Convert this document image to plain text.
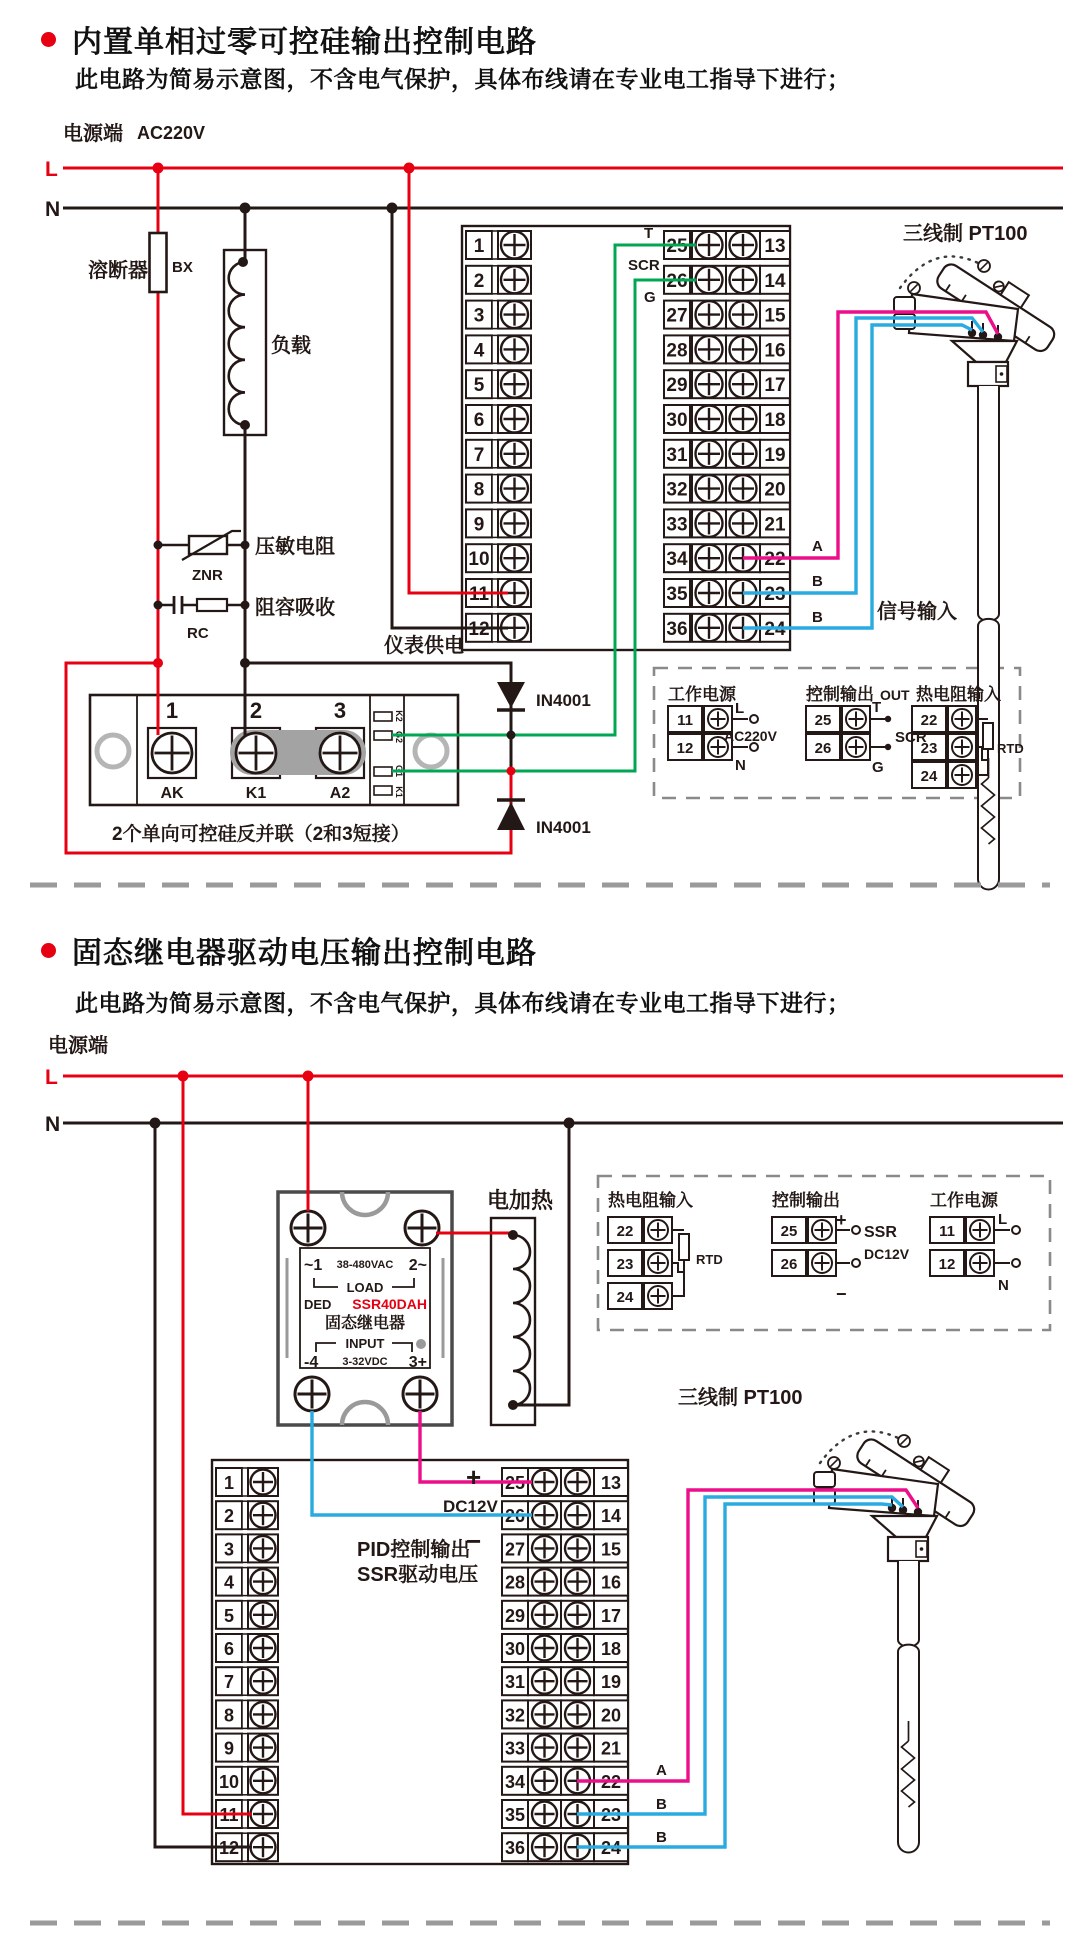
1	25	13
2	26	14
3	27	15
4	28	16
5	29	17
6	30	18
7	31	19
8	32	20
9	33	21
10	34	22
11	35	23
12	36	24
1	25	13
2	26	14
3	27	15
4	28	16
5	29	17
6	30	18
7	31	19
8	32	20
9	33	21
10	34	22
11	35	23
12	36	24
11
12
25
26
22
23
24
22
23
24
25
26
11
12
K2
G2
G1
K1
~1 38-480VAC 2~
LOAD
DED SSR40DAH
固态继电器
INPUT
-4 3-32VDC 3+
电源端 AC220V
L
N
溶断器 BX
负载
压敏电阻
ZNR
阻容吸收
RC
仪表供电
T
SCR
G
IN4001
IN4001
1	2	3
AK	K1	A2
2个单向可控硅反并联（2和3短接）
A
B
B	信号输入
三线制 PT100
工作电源	控制输出 OUT 热电阻输入
L
AC220V
N
T
SCR
G
RTD
电源端
L
N
电加热
+
DC12V
−
PID控制输出
SSR驱动电压
A
B
B
三线制 PT100
热电阻输入	控制输出	工作电源
RTD
+
SSR
DC12V
−
L
N
内置单相过零可控硅输出控制电路
此电路为简易示意图，不含电气保护，具体布线请在专业电工指导下进行；
固态继电器驱动电压输出控制电路
此电路为简易示意图，不含电气保护，具体布线请在专业电工指导下进行；
